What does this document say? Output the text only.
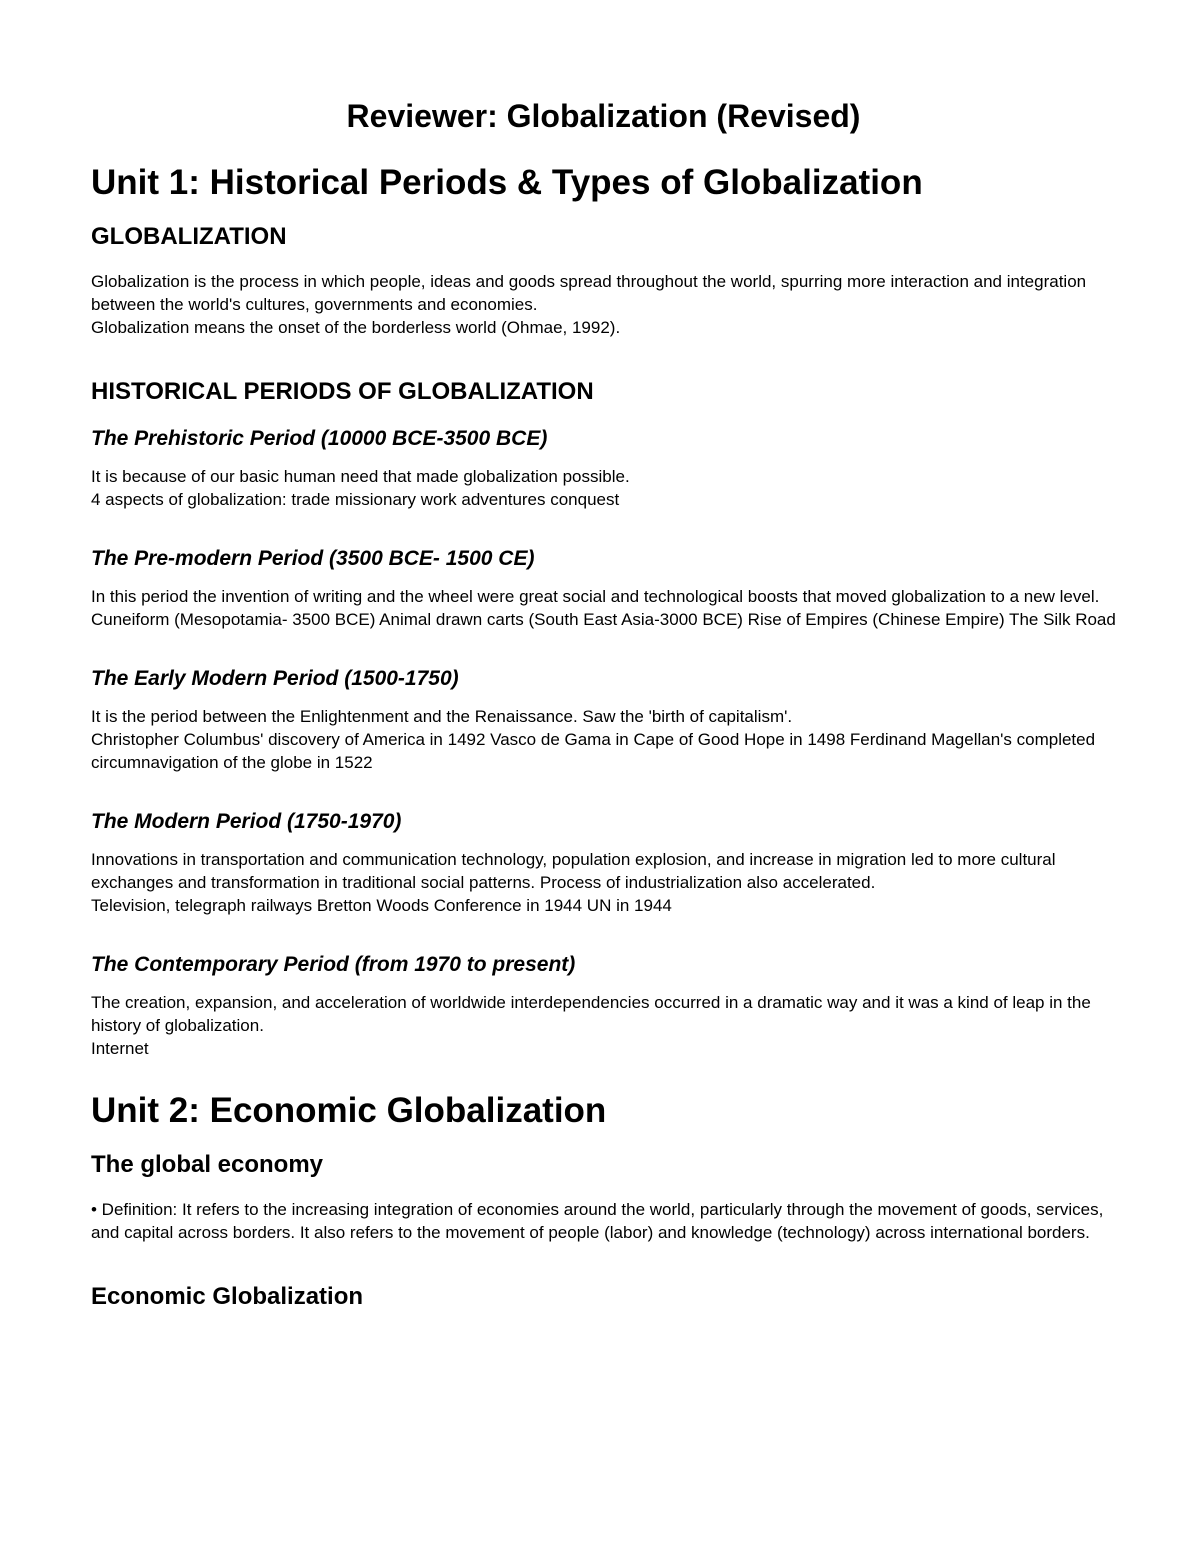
Reviewer: Globalization (Revised)
Unit 1: Historical Periods & Types of Globalization
GLOBALIZATION

Globalization is the process in which people, ideas and goods spread throughout the world, spurring more interaction and integration between the world's cultures, governments and economies.

Globalization means the onset of the borderless world (Ohmae, 1992).

HISTORICAL PERIODS OF GLOBALIZATION
The Prehistoric Period (10000 BCE-3500 BCE)

It is because of our basic human need that made globalization possible.

4 aspects of globalization: trade missionary work adventures conquest

The Pre-modern Period (3500 BCE- 1500 CE)

In this period the invention of writing and the wheel were great social and technological boosts that moved globalization to a new level.

Cuneiform (Mesopotamia- 3500 BCE) Animal drawn carts (South East Asia-3000 BCE) Rise of Empires (Chinese Empire) The Silk Road

The Early Modern Period (1500-1750)

It is the period between the Enlightenment and the Renaissance. Saw the 'birth of capitalism'.

Christopher Columbus' discovery of America in 1492 Vasco de Gama in Cape of Good Hope in 1498 Ferdinand Magellan's completed circumnavigation of the globe in 1522

The Modern Period (1750-1970)

Innovations in transportation and communication technology, population explosion, and increase in migration led to more cultural exchanges and transformation in traditional social patterns. Process of industrialization also accelerated.

Television, telegraph railways Bretton Woods Conference in 1944 UN in 1944

The Contemporary Period (from 1970 to present)

The creation, expansion, and acceleration of worldwide interdependencies occurred in a dramatic way and it was a kind of leap in the history of globalization.

Internet

Unit 2: Economic Globalization
The global economy

• Definition: It refers to the increasing integration of economies around the world, particularly through the movement of goods, services, and capital across borders. It also refers to the movement of people (labor) and knowledge (technology) across international borders.

Economic Globalization
